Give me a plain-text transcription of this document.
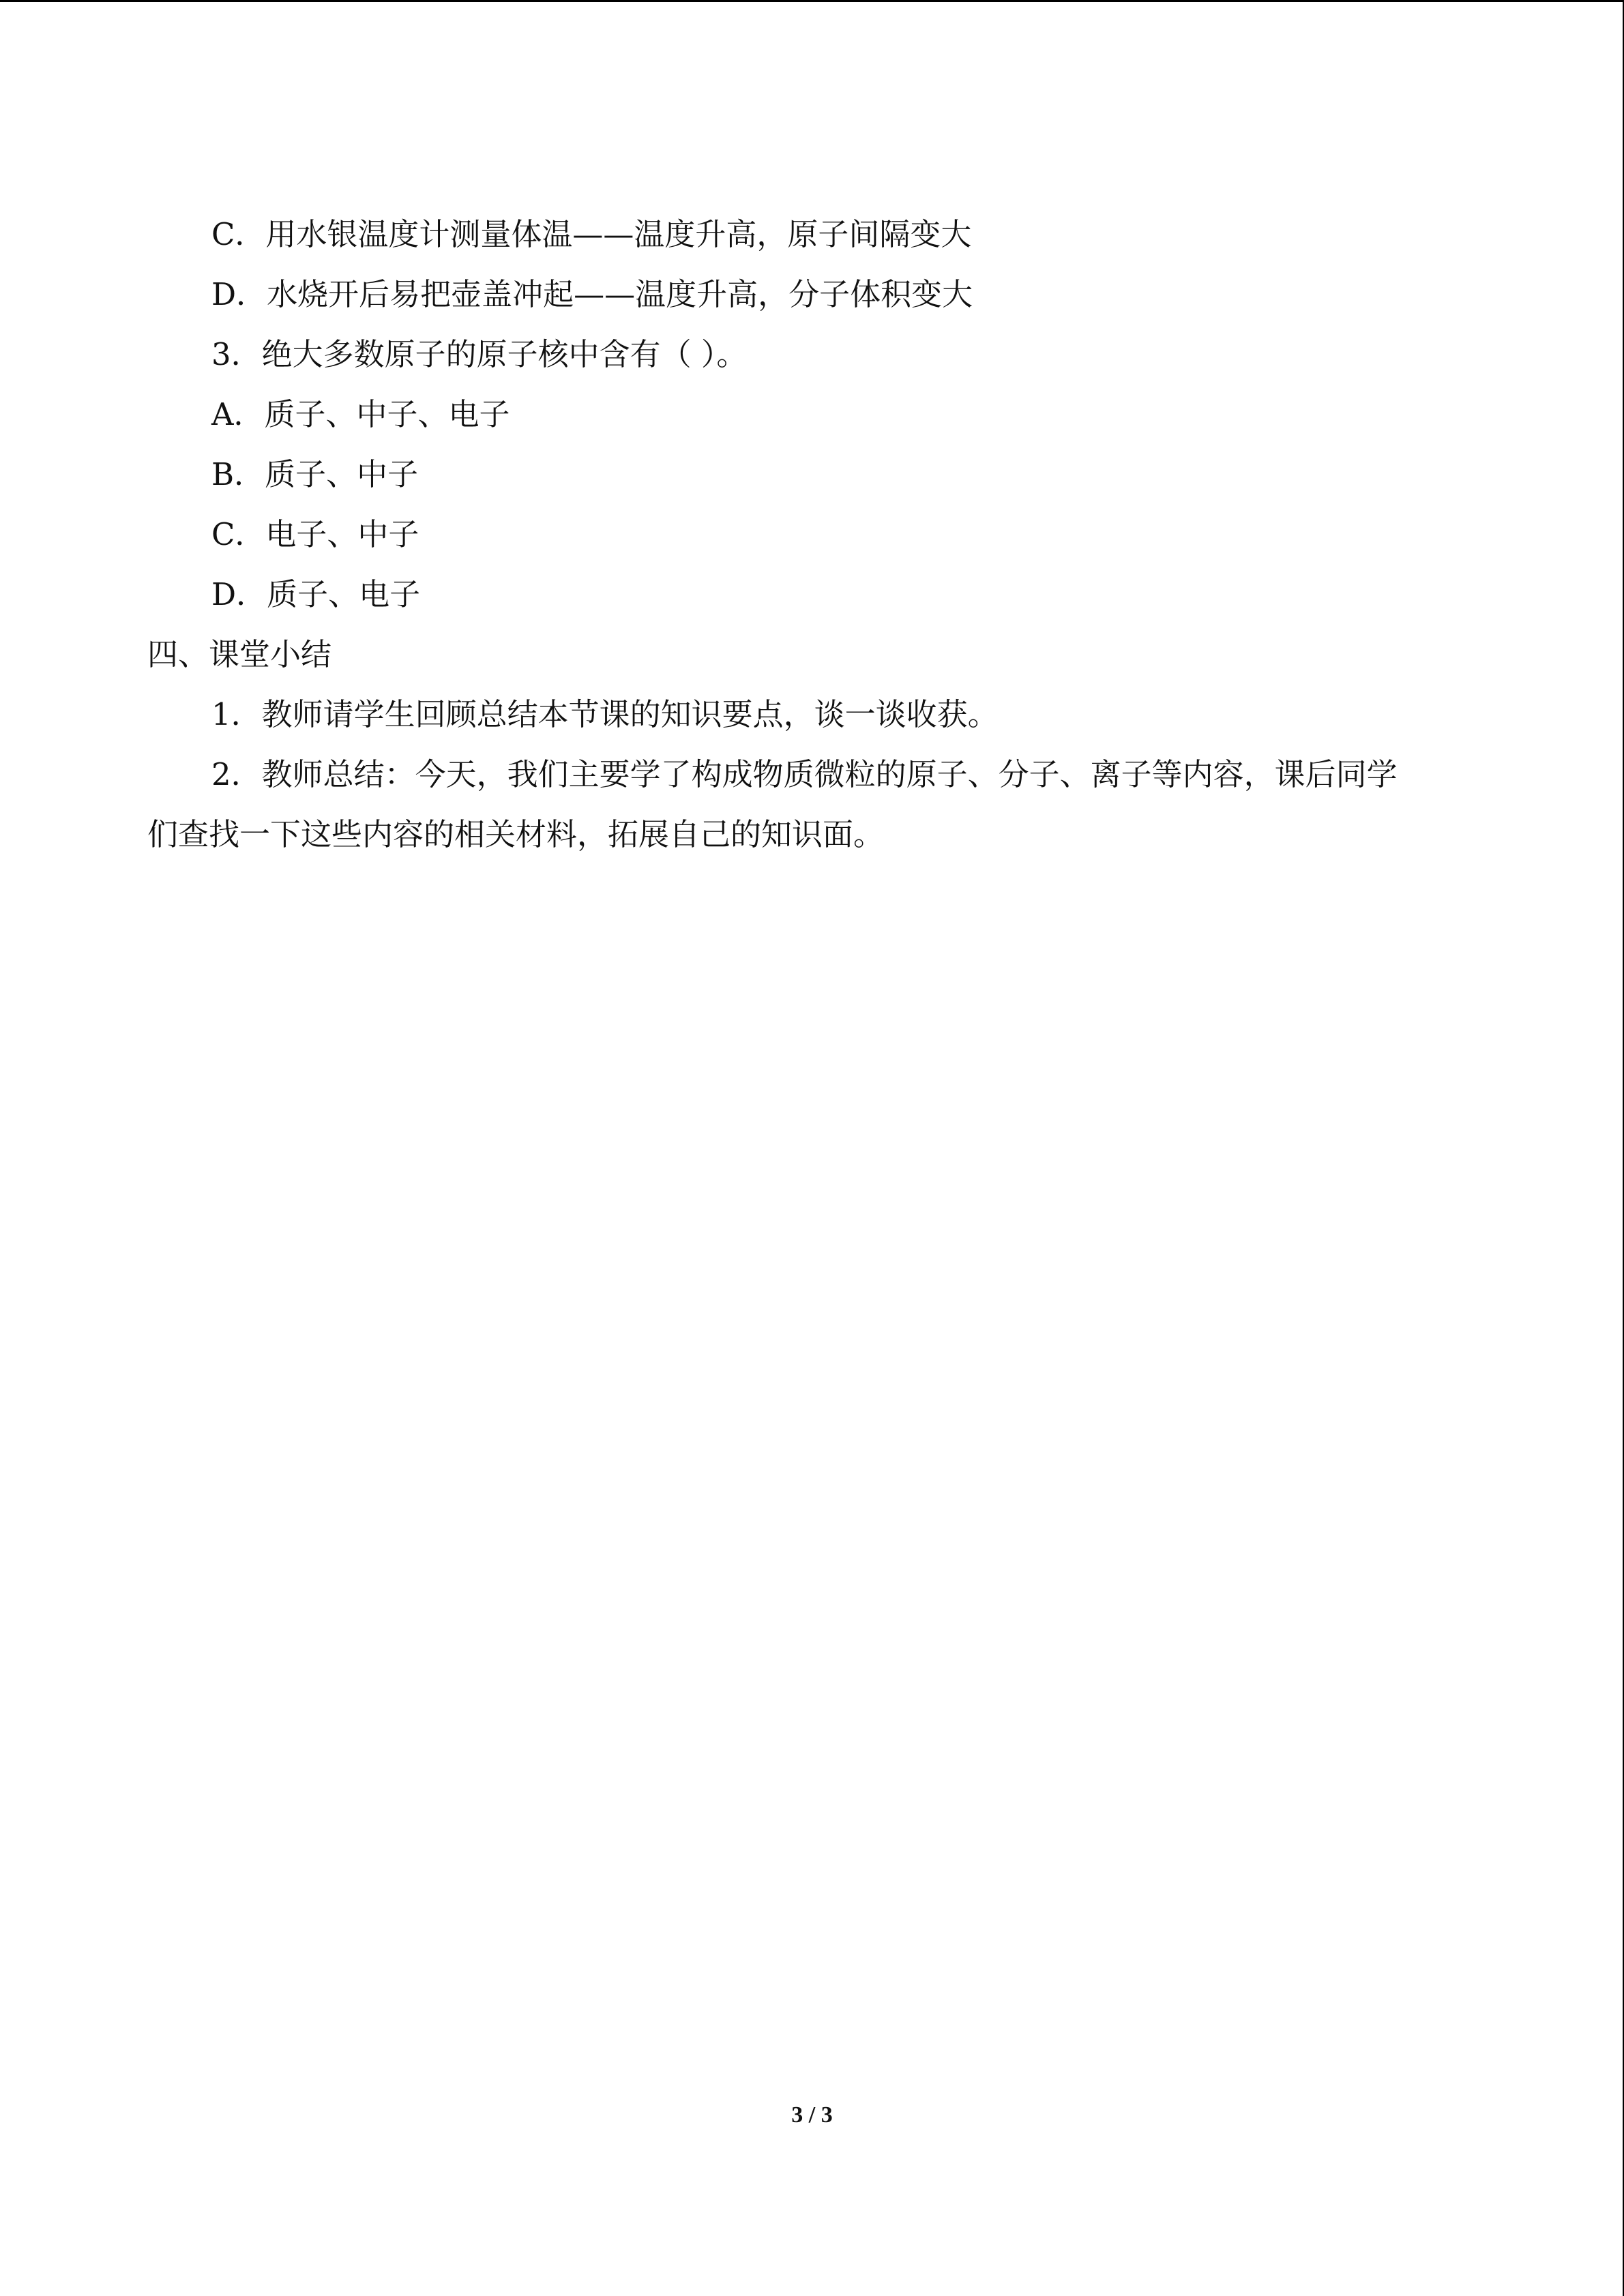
C．用水银温度计测量体温——温度升高，原子间隔变大
D．水烧开后易把壶盖冲起——温度升高，分子体积变大
3．绝大多数原子的原子核中含有（ ）。
A．质子、中子、电子
B．质子、中子
C．电子、中子
D．质子、电子
四、课堂小结
1．教师请学生回顾总结本节课的知识要点，谈一谈收获。
2．教师总结：今天，我们主要学了构成物质微粒的原子、分子、离子等内容，课后同学
们查找一下这些内容的相关材料，拓展自己的知识面。
3 / 3
